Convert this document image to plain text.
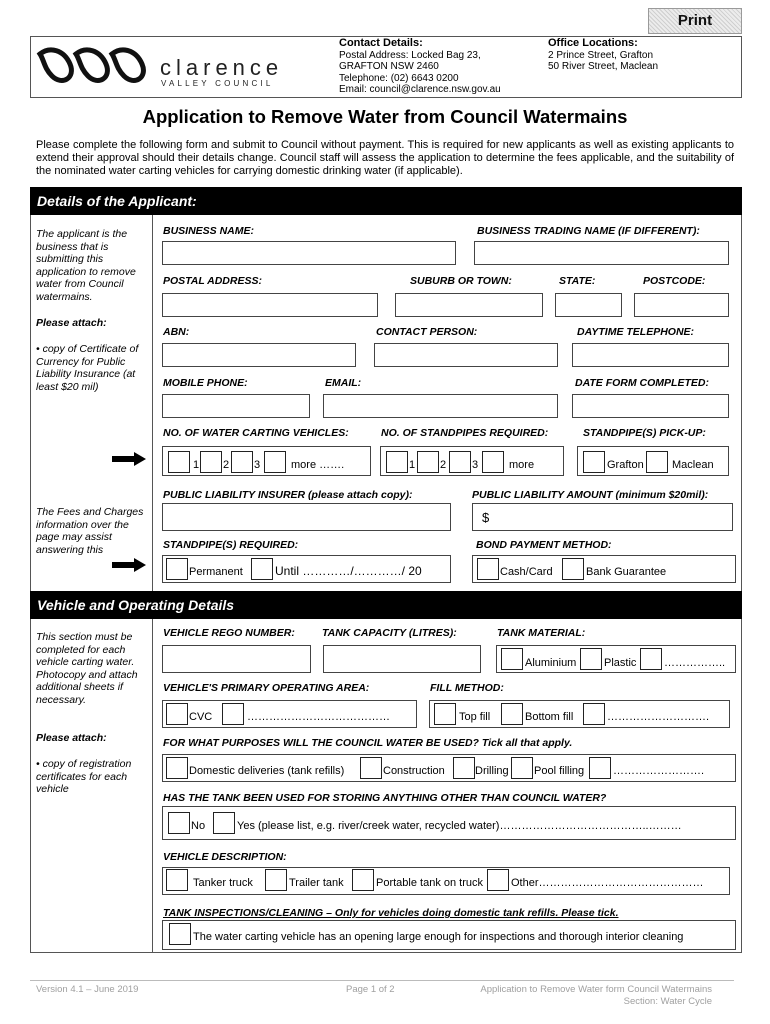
Print
clarence
VALLEY COUNCIL
Contact Details:
Postal Address: Locked Bag 23,
GRAFTON NSW 2460
Telephone: (02) 6643 0200
Email: council@clarence.nsw.gov.au
Office Locations:
2 Prince Street, Grafton
50 River Street, Maclean
Application to Remove Water from Council Watermains
Please complete the following form and submit to Council without payment. This is required for new applicants as well as existing applicants to extend their approval should their details change. Council staff will assess the application to determine the fees applicable, and the suitability of the nominated water carting vehicles for carrying domestic drinking water (if applicable).
Details of the Applicant:
The applicant is the business that is submitting this application to remove water from Council watermains.
Please attach:
• copy of Certificate of Currency for Public Liability Insurance (at least $20 mil)
The Fees and Charges information over the page may assist answering this
BUSINESS NAME:	BUSINESS TRADING NAME (IF DIFFERENT):
POSTAL ADDRESS:	SUBURB OR TOWN:	STATE:	POSTCODE:
ABN:	CONTACT PERSON:	DAYTIME TELEPHONE:
MOBILE PHONE:	EMAIL:	DATE FORM COMPLETED:
NO. OF WATER CARTING VEHICLES:	NO. OF STANDPIPES REQUIRED:	STANDPIPE(S) PICK-UP:
1 2 3	more …….	1 2 3	more	Grafton	Maclean
PUBLIC LIABILITY INSURER (please attach copy):	PUBLIC LIABILITY AMOUNT (minimum $20mil):
$
STANDPIPE(S) REQUIRED:	BOND PAYMENT METHOD:
Permanent	Until …………/…………/ 20	Cash/Card	Bank Guarantee
Vehicle and Operating Details
This section must be completed for each vehicle carting water. Photocopy and attach additional sheets if necessary.
Please attach:
• copy of registration certificates for each vehicle
VEHICLE REGO NUMBER:	TANK CAPACITY (LITRES):	TANK MATERIAL:
Aluminium	Plastic	……………..
VEHICLE'S PRIMARY OPERATING AREA:	FILL METHOD:
CVC	…………………………………	Top fill	Bottom fill	……………………….
FOR WHAT PURPOSES WILL THE COUNCIL WATER BE USED? Tick all that apply.
Domestic deliveries (tank refills)	Construction	Drilling Pool filling	…………………….
HAS THE TANK BEEN USED FOR STORING ANYTHING OTHER THAN COUNCIL WATER?
No	Yes (please list, e.g. river/creek water, recycled water)…………………………………..………
VEHICLE DESCRIPTION:
Tanker truck	Trailer tank	Portable tank on truck	Other………………………………………
TANK INSPECTIONS/CLEANING – Only for vehicles doing domestic tank refills. Please tick.
The water carting vehicle has an opening large enough for inspections and thorough interior cleaning
Version 4.1 – June 2019	Page 1 of 2	Application to Remove Water form Council Watermains
Section: Water Cycle
